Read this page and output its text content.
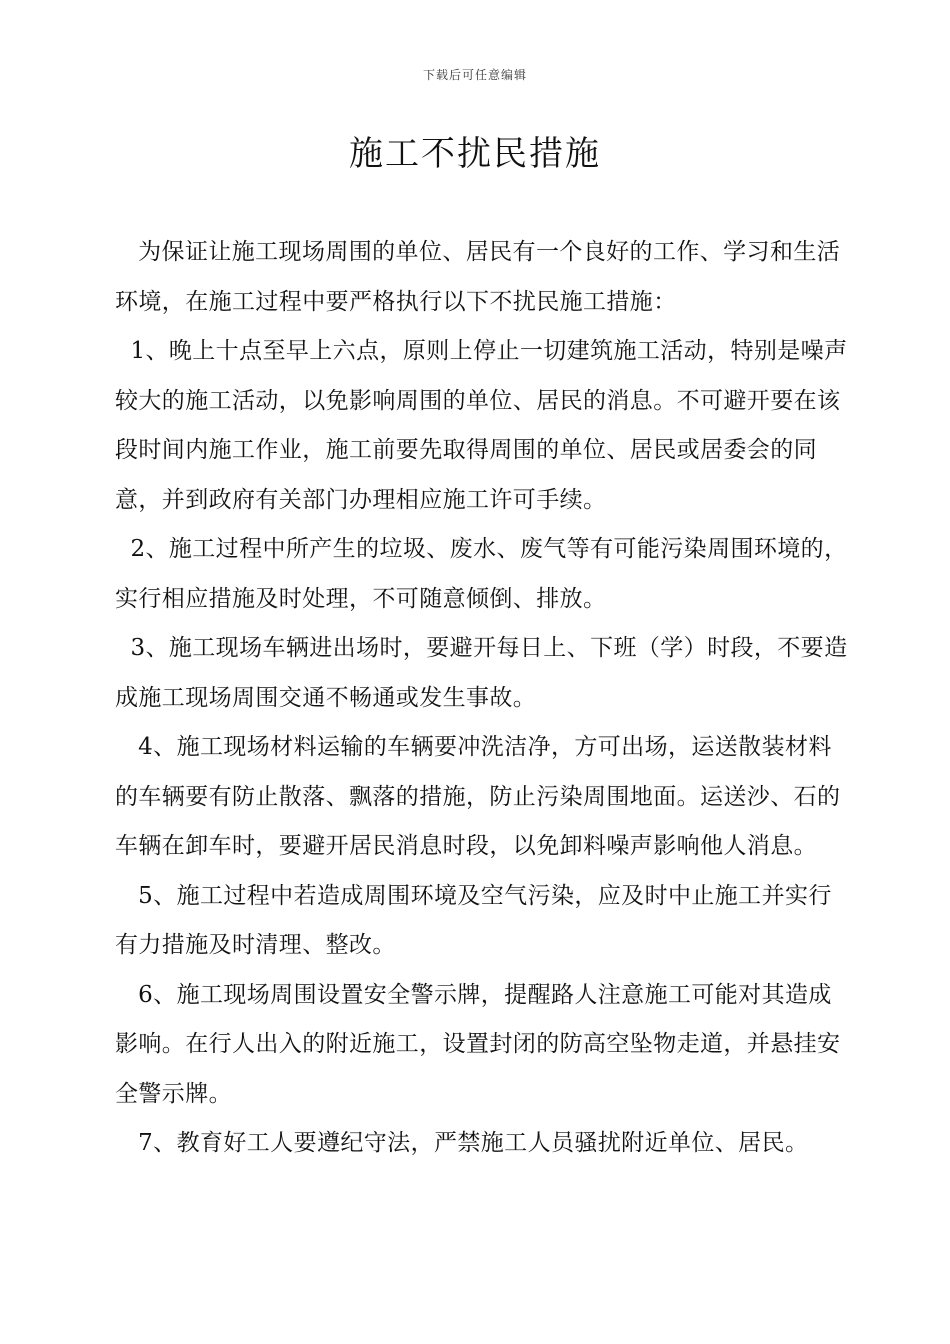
下载后可任意编辑
施工不扰民措施

为保证让施工现场周围的单位、居民有一个良好的工作、学习和生活环境，在施工过程中要严格执行以下不扰民施工措施：

1、晚上十点至早上六点，原则上停止一切建筑施工活动，特别是噪声较大的施工活动，以免影响周围的单位、居民的消息。不可避开要在该段时间内施工作业，施工前要先取得周围的单位、居民或居委会的同意，并到政府有关部门办理相应施工许可手续。

2、施工过程中所产生的垃圾、废水、废气等有可能污染周围环境的，实行相应措施及时处理，不可随意倾倒、排放。

3、施工现场车辆进出场时，要避开每日上、下班（学）时段，不要造成施工现场周围交通不畅通或发生事故。

4、施工现场材料运输的车辆要冲洗洁净，方可出场，运送散装材料的车辆要有防止散落、飘落的措施，防止污染周围地面。运送沙、石的车辆在卸车时，要避开居民消息时段，以免卸料噪声影响他人消息。

5、施工过程中若造成周围环境及空气污染，应及时中止施工并实行有力措施及时清理、整改。

6、施工现场周围设置安全警示牌，提醒路人注意施工可能对其造成影响。在行人出入的附近施工，设置封闭的防高空坠物走道，并悬挂安全警示牌。

7、教育好工人要遵纪守法，严禁施工人员骚扰附近单位、居民。
